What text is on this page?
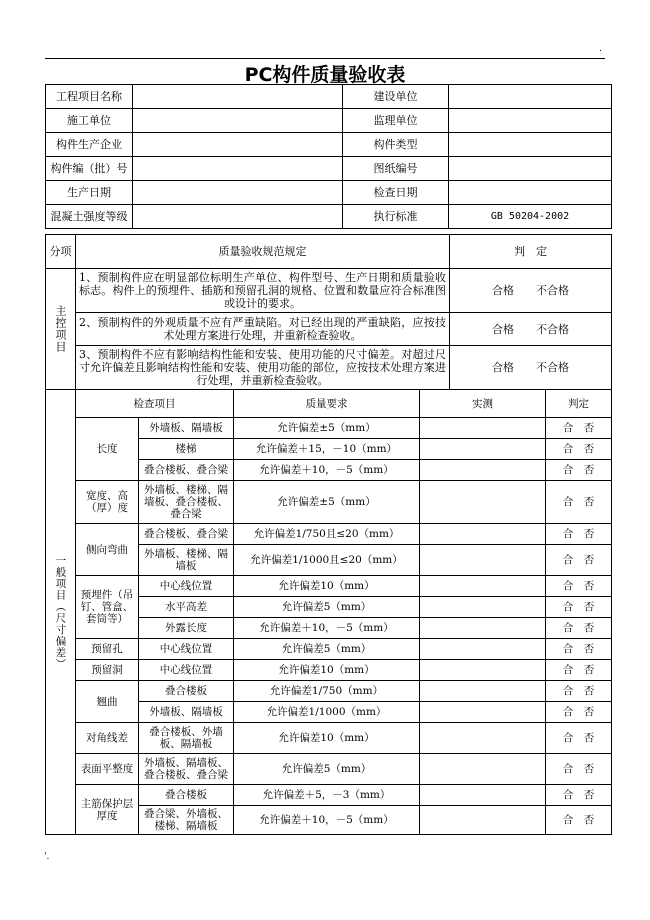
.
PC构件质量验收表
工程项目名称		建设单位	
施工单位		监理单位	
构件生产企业		构件类型	
构件编（批）号		图纸编号	
生产日期		检查日期	
混凝土强度等级		执行标准	GB 50204-2002
分项	质量验收规范规定	判　定

主控项目	1、预制构件应在明显部位标明生产单位、构件型号、生产日期和质量验收标志。构件上的预埋件、插筋和预留孔洞的规格、位置和数量应符合标准图或设计的要求。	合格　　不合格
	2、预制构件的外观质量不应有严重缺陷。对已经出现的严重缺陷，应按技术处理方案进行处理，并重新检查验收。	合格　　不合格
	3、预制构件不应有影响结构性能和安装、使用功能的尺寸偏差。对超过尺寸允许偏差且影响结构性能和安装、使用功能的部位，应按技术处理方案进行处理，并重新检查验收。	合格　　不合格
一般项目（尺寸偏差）	检查项目		质量要求	实测	判定
	长度	外墙板、隔墙板	允许偏差±5（mm）		合　否
		楼梯	允许偏差＋15，－10（mm）		合　否
		叠合楼板、叠合梁	允许偏差＋10，－5（mm）		合　否
	宽度、高（厚）度	外墙板、楼梯、隔墙板、叠合楼板、叠合梁	允许偏差±5（mm）		合　否
	侧向弯曲	叠合楼板、叠合梁	允许偏差1/750且≤20（mm）		合　否
		外墙板、楼梯、隔墙板	允许偏差1/1000且≤20（mm）		合　否
	预埋件（吊钉、管盒、套筒等）	中心线位置	允许偏差10（mm）		合　否
		水平高差	允许偏差5（mm）		合　否
		外露长度	允许偏差＋10，－5（mm）		合　否
	预留孔	中心线位置	允许偏差5（mm）		合　否
	预留洞	中心线位置	允许偏差10（mm）		合　否
	翘曲	叠合楼板	允许偏差1/750（mm）		合　否
		外墙板、隔墙板	允许偏差1/1000（mm）		合　否
	对角线差	叠合楼板、外墙板、隔墙板	允许偏差10（mm）		合　否
	表面平整度	外墙板、隔墙板、叠合楼板、叠合梁	允许偏差5（mm）		合　否
	主筋保护层厚度	叠合楼板	允许偏差＋5，－3（mm）		合　否
		叠合梁、外墙板、楼梯、隔墙板	允许偏差＋10，－5（mm）		合　否
'.
